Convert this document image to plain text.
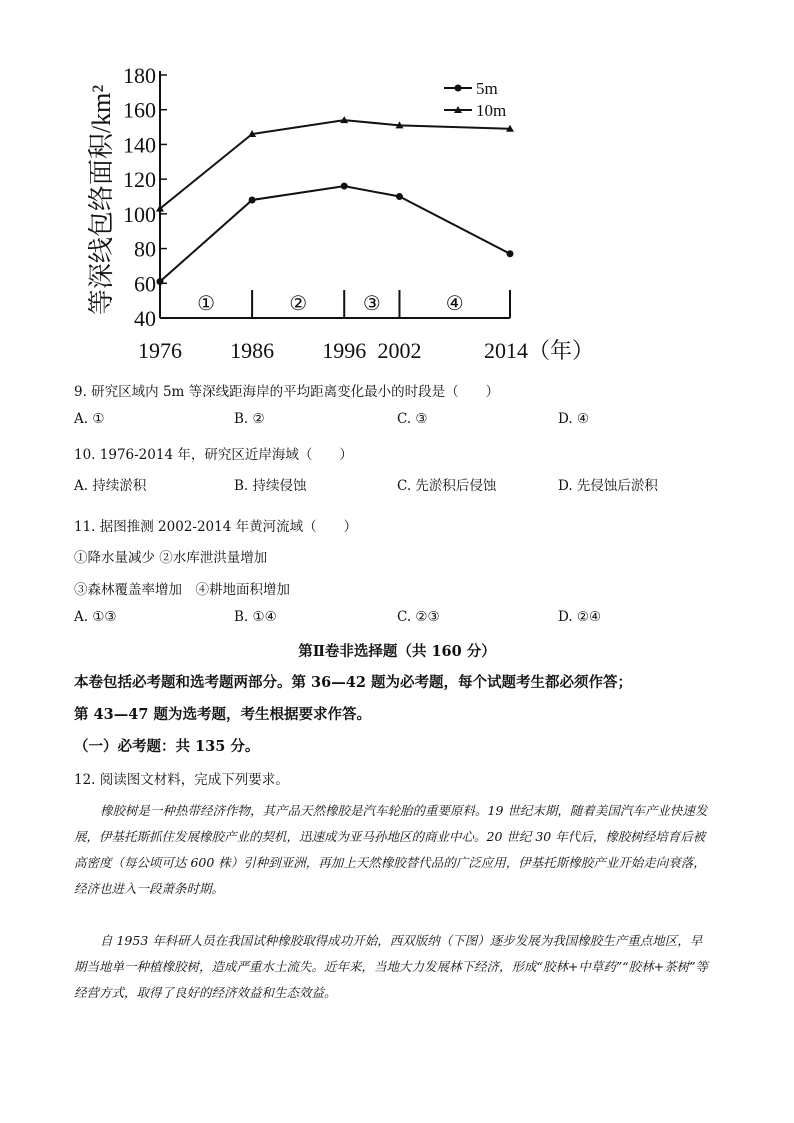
等深线包络面积/km²
40
60
80
100
120
140
160
180
1976 1986 1996 2002	2014（年）
①	②	③	④
5m
10m
9. 研究区域内 5m 等深线距海岸的平均距离变化最小的时段是（　　）
A. ①	B. ②	C. ③	D. ④
10. 1976-2014 年，研究区近岸海域（　　）
A. 持续淤积	B. 持续侵蚀	C. 先淤积后侵蚀	D. 先侵蚀后淤积
11. 据图推测 2002-2014 年黄河流域（　　）
①降水量减少 ②水库泄洪量增加
③森林覆盖率增加　④耕地面积增加
A. ①③	B. ①④	C. ②③	D. ②④
第Ⅱ卷非选择题（共 160 分）
本卷包括必考题和选考题两部分。第 36—42 题为必考题，每个试题考生都必须作答；
第 43—47 题为选考题，考生根据要求作答。
（一）必考题：共 135 分。
12. 阅读图文材料，完成下列要求。
橡胶树是一种热带经济作物，其产品天然橡胶是汽车轮胎的重要原料。19 世纪末期，随着美国汽车产业快速发展，伊基托斯抓住发展橡胶产业的契机，迅速成为亚马孙地区的商业中心。20 世纪 30 年代后，橡胶树经培育后被高密度（每公顷可达 600 株）引种到亚洲，再加上天然橡胶替代品的广泛应用，伊基托斯橡胶产业开始走向衰落，经济也进入一段萧条时期。
自 1953 年科研人员在我国试种橡胶取得成功开始，西双版纳（下图）逐步发展为我国橡胶生产重点地区，早期当地单一种植橡胶树，造成严重水土流失。近年来，当地大力发展林下经济，形成“胶林+中草药”“胶林+茶树”等经营方式，取得了良好的经济效益和生态效益。
